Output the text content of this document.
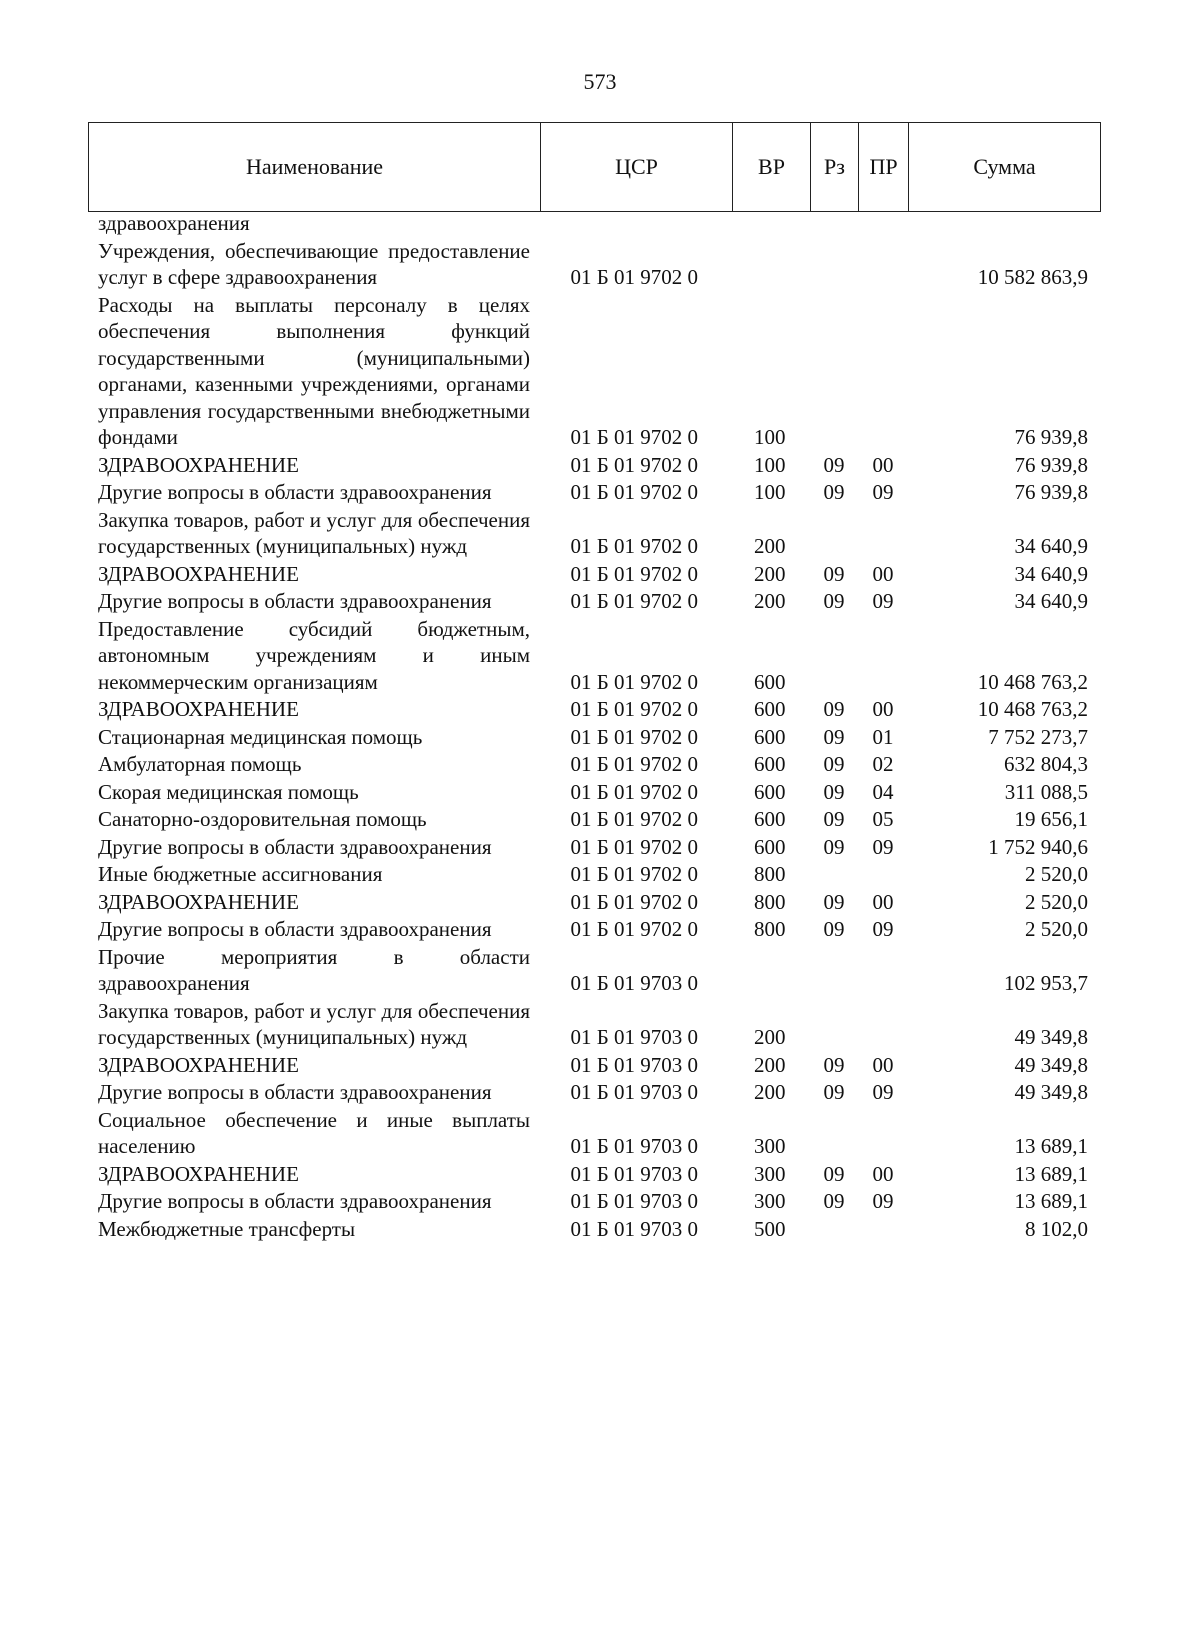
573
Наименование	ЦСР	ВР	Рз	ПР	Сумма
здравоохранения					
Учреждения, обеспечивающие предоставление услуг в сфере здравоохранения	01 Б 01 9702 0				10 582 863,9
Расходы на выплаты персоналу в целях обеспечения выполнения функций государственными (муниципальными) органами, казенными учреждениями, органами управления государственными внебюджетными фондами	01 Б 01 9702 0	100			76 939,8
ЗДРАВООХРАНЕНИЕ	01 Б 01 9702 0	100	09	00	76 939,8
Другие вопросы в области здравоохранения	01 Б 01 9702 0	100	09	09	76 939,8
Закупка товаров, работ и услуг для обеспечения государственных (муниципальных) нужд	01 Б 01 9702 0	200			34 640,9
ЗДРАВООХРАНЕНИЕ	01 Б 01 9702 0	200	09	00	34 640,9
Другие вопросы в области здравоохранения	01 Б 01 9702 0	200	09	09	34 640,9
Предоставление субсидий бюджетным, автономным учреждениям и иным некоммерческим организациям	01 Б 01 9702 0	600			10 468 763,2
ЗДРАВООХРАНЕНИЕ	01 Б 01 9702 0	600	09	00	10 468 763,2
Стационарная медицинская помощь	01 Б 01 9702 0	600	09	01	7 752 273,7
Амбулаторная помощь	01 Б 01 9702 0	600	09	02	632 804,3
Скорая медицинская помощь	01 Б 01 9702 0	600	09	04	311 088,5
Санаторно-оздоровительная помощь	01 Б 01 9702 0	600	09	05	19 656,1
Другие вопросы в области здравоохранения	01 Б 01 9702 0	600	09	09	1 752 940,6
Иные бюджетные ассигнования	01 Б 01 9702 0	800			2 520,0
ЗДРАВООХРАНЕНИЕ	01 Б 01 9702 0	800	09	00	2 520,0
Другие вопросы в области здравоохранения	01 Б 01 9702 0	800	09	09	2 520,0
Прочие мероприятия в области здравоохранения	01 Б 01 9703 0				102 953,7
Закупка товаров, работ и услуг для обеспечения государственных (муниципальных) нужд	01 Б 01 9703 0	200			49 349,8
ЗДРАВООХРАНЕНИЕ	01 Б 01 9703 0	200	09	00	49 349,8
Другие вопросы в области здравоохранения	01 Б 01 9703 0	200	09	09	49 349,8
Социальное обеспечение и иные выплаты населению	01 Б 01 9703 0	300			13 689,1
ЗДРАВООХРАНЕНИЕ	01 Б 01 9703 0	300	09	00	13 689,1
Другие вопросы в области здравоохранения	01 Б 01 9703 0	300	09	09	13 689,1
Межбюджетные трансферты	01 Б 01 9703 0	500			8 102,0
